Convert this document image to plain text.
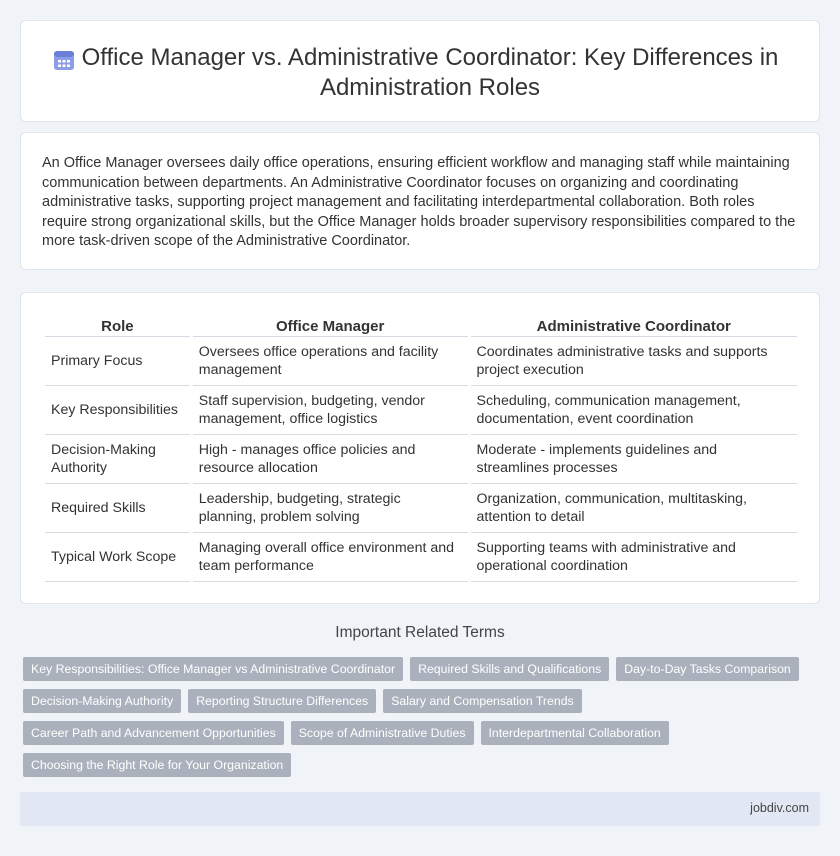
Office Manager vs. Administrative Coordinator: Key Differences in Administration Roles

An Office Manager oversees daily office operations, ensuring efficient workflow and managing staff while maintaining communication between departments. An Administrative Coordinator focuses on organizing and coordinating administrative tasks, supporting project management and facilitating interdepartmental collaboration. Both roles require strong organizational skills, but the Office Manager holds broader supervisory responsibilities compared to the more task-driven scope of the Administrative Coordinator.

Role	Office Manager	Administrative Coordinator
Primary Focus	Oversees office operations and facility management	Coordinates administrative tasks and supports project execution
Key Responsibilities	Staff supervision, budgeting, vendor management, office logistics	Scheduling, communication management, documentation, event coordination
Decision-Making Authority	High - manages office policies and resource allocation	Moderate - implements guidelines and streamlines processes
Required Skills	Leadership, budgeting, strategic planning, problem solving	Organization, communication, multitasking, attention to detail
Typical Work Scope	Managing overall office environment and team performance	Supporting teams with administrative and operational coordination
Important Related Terms
Key Responsibilities: Office Manager vs Administrative Coordinator	Required Skills and Qualifications	Day-to-Day Tasks Comparison
Decision-Making Authority	Reporting Structure Differences	Salary and Compensation Trends
Career Path and Advancement Opportunities	Scope of Administrative Duties	Interdepartmental Collaboration
Choosing the Right Role for Your Organization
jobdiv.com
